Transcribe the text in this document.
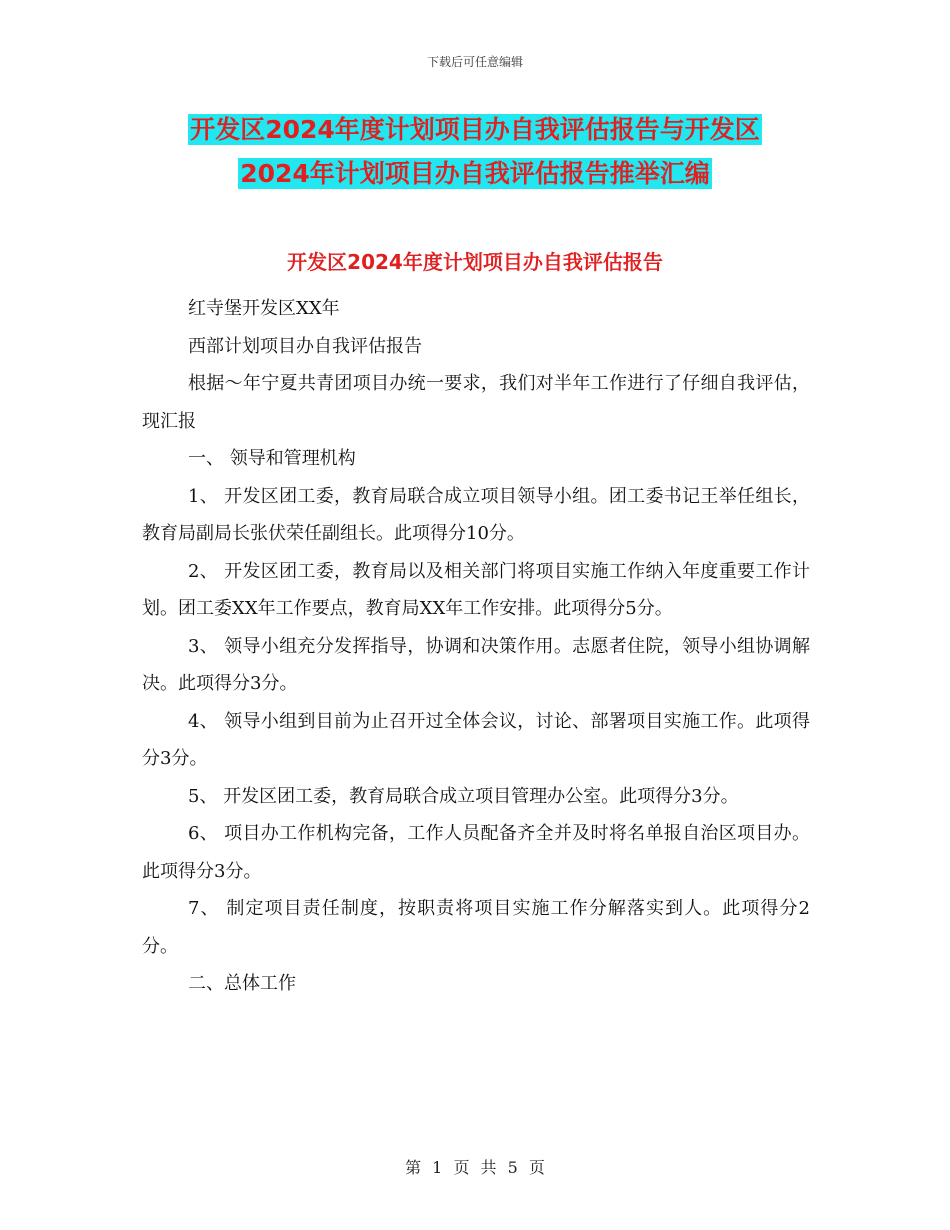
下载后可任意编辑
开发区2024年度计划项目办自我评估报告与开发区
2024年计划项目办自我评估报告推举汇编
开发区2024年度计划项目办自我评估报告

红寺堡开发区XX年

西部计划项目办自我评估报告

根据～年宁夏共青团项目办统一要求，我们对半年工作进行了仔细自我评估，现汇报

一、 领导和管理机构

1、 开发区团工委，教育局联合成立项目领导小组。团工委书记王举任组长，教育局副局长张伏荣任副组长。此项得分10分。

2、 开发区团工委，教育局以及相关部门将项目实施工作纳入年度重要工作计划。团工委XX年工作要点，教育局XX年工作安排。此项得分5分。

3、 领导小组充分发挥指导，协调和决策作用。志愿者住院，领导小组协调解决。此项得分3分。

4、 领导小组到目前为止召开过全体会议，讨论、部署项目实施工作。此项得分3分。

5、 开发区团工委，教育局联合成立项目管理办公室。此项得分3分。

6、 项目办工作机构完备，工作人员配备齐全并及时将名单报自治区项目办。此项得分3分。

7、 制定项目责任制度，按职责将项目实施工作分解落实到人。此项得分2分。

二、总体工作

第 1 页 共 5 页
